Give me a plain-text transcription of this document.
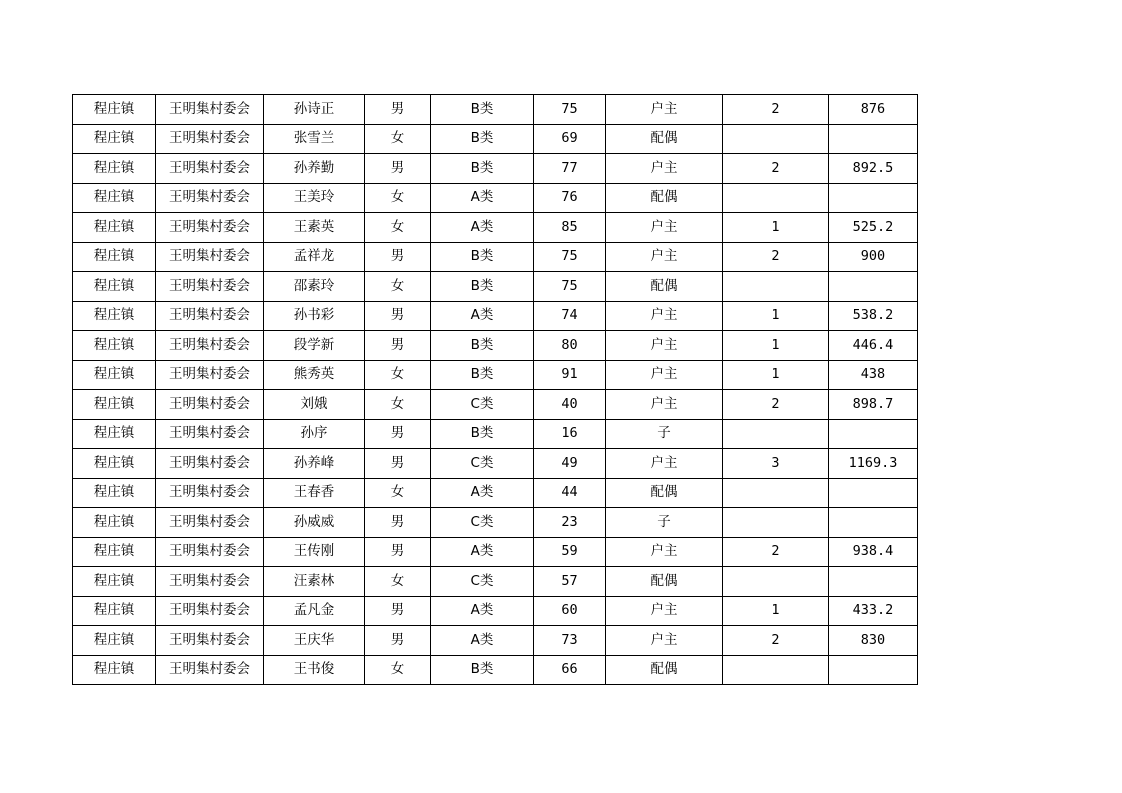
程庄镇	王明集村委会	孙诗正	男	B类	75	户主	2	876
程庄镇	王明集村委会	张雪兰	女	B类	69	配偶		
程庄镇	王明集村委会	孙养勤	男	B类	77	户主	2	892.5
程庄镇	王明集村委会	王美玲	女	A类	76	配偶		
程庄镇	王明集村委会	王素英	女	A类	85	户主	1	525.2
程庄镇	王明集村委会	孟祥龙	男	B类	75	户主	2	900
程庄镇	王明集村委会	邵素玲	女	B类	75	配偶		
程庄镇	王明集村委会	孙书彩	男	A类	74	户主	1	538.2
程庄镇	王明集村委会	段学新	男	B类	80	户主	1	446.4
程庄镇	王明集村委会	熊秀英	女	B类	91	户主	1	438
程庄镇	王明集村委会	刘娥	女	C类	40	户主	2	898.7
程庄镇	王明集村委会	孙序	男	B类	16	子		
程庄镇	王明集村委会	孙养峰	男	C类	49	户主	3	1169.3
程庄镇	王明集村委会	王春香	女	A类	44	配偶		
程庄镇	王明集村委会	孙威威	男	C类	23	子		
程庄镇	王明集村委会	王传刚	男	A类	59	户主	2	938.4
程庄镇	王明集村委会	汪素林	女	C类	57	配偶		
程庄镇	王明集村委会	孟凡金	男	A类	60	户主	1	433.2
程庄镇	王明集村委会	王庆华	男	A类	73	户主	2	830
程庄镇	王明集村委会	王书俊	女	B类	66	配偶		
